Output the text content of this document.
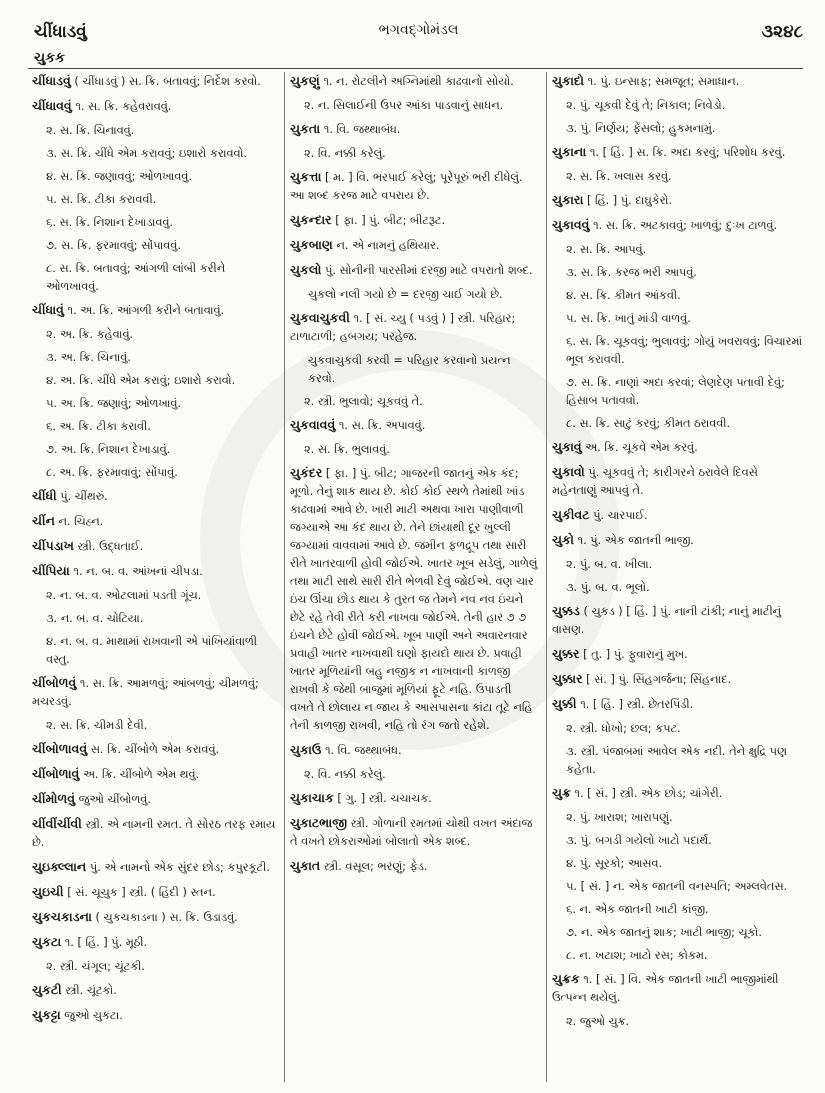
ચીંધાડવું	ભગવદ્ગોમંડલ	૩૨૪૮
ચુકક
ચીંધાડવું ( ચીંધાડવું ) સ. ક્રિ. બતાવવું; નિર્દેશ કરવો.
ચીંધાવવું ૧. સ. ક્રિ. કહેવરાવવું.
૨. સ. ક્રિ. ચિનાવવું.
૩. સ. ક્રિ. ચીંધે એમ કરાવવું; ઇશારો કરાવવો.
૪. સ. ક્રિ. જણાવવું; ઓળખાવવું.
૫. સ. ક્રિ. ટીકા કરાવવી.
૬. સ. ક્રિ. નિશાન દેખાડાવવું.
૭. સ. ક્રિ. ફરમાવવું; સોંપાવવું.
૮. સ. ક્રિ. બતાવવું; આંગળી લાંબી કરીને ઓળખાવવું.
ચીંધાવું ૧. અ. ક્રિ. આંગળી કરીને બતાવાવું.
૨. અ. ક્રિ. કહેવાવું.
૩. અ. ક્રિ. ચિનાવું.
૪. અ. ક્રિ. ચીંધે એમ કરાવું; ઇશારો કરાવો.
૫. અ. ક્રિ. જણાવું; ઓળખાવું.
૬. અ. ક્રિ. ટીકા કરાવી.
૭. અ. ક્રિ. નિશાન દેખાડાવું.
૮. અ. ક્રિ. ફરમાવાવું; સોંપાવું.
ચીંધી પું. ચીંથરું.
ચીંન ન. ચિહ્ન.
ચીંપડાખ સ્ત્રી. ઉદ્ધતાઈ.
ચીંપિયા ૧. ન. બ. વ. આંખનાં ચીપડા.
૨. ન. બ. વ. ઓટલામાં પડતી ગૂંચ.
૩. ન. બ. વ. ચોટિયા.
૪. ન. બ. વ. માથામાં રાખવાની એ પાંખિયાંવાળી વસ્તુ.
ચીંબોળવું ૧. સ. ક્રિ. આમળવું; આંબળવું; ચીમળવું; મચરડવું.
૨. સ. ક્રિ. ચીમડી દેવી.
ચીંબોળાવવું સ. ક્રિ. ચીંબોળે એમ કરાવવું.
ચીંબોળાવું અ. ક્રિ. ચીંબોળે એમ થવું.
ચીંમોળવું જુઓ ચીંબોળવું.
ચીંવીંચીંવી સ્ત્રી. એ નામની રમત. તે સોરઠ તરફ રમાય છે.
ચુઇક્લ્લાન પું. એ નામનો એક સુંદર છોડ; કપુરકૂટી.
ચુઇચી [ સં. ચૂચુક ] સ્ત્રી. ( હિંદી ) સ્તન.
ચુકચકાડના ( ચુકચકાડના ) સ. ક્રિ. ઉડાડવું.
ચુકટા ૧. [ હિં. ] પું. મૂઠી.
૨. સ્ત્રી. ચંગૂલ; ચૂંટકી.
ચુકટી સ્ત્રી. ચૂંટકો.
ચુકટ્ટા જુઓ ચુકટા.
ચુકણું ૧. ન. રોટલીને અગ્નિમાંથી કાઢવાનો સોયો.
૨. ન. સિલાઈની ઉપર આંકા પાડવાનું સાધન.
ચુકતા ૧. વિ. જથ્થાબંધ.
૨. વિ. નક્કી કરેલું.
ચુકત્તા [ મ. ] વિ. ભરપાઈ કરેલું; પૂરેપૂરું ભરી દીધેલું. આ શબ્દ કરજ માટે વપરાય છે.
ચુકન્દાર [ ફા. ] પું. બીટ; બીટરૂટ.
ચુકબાણ ન. એ નામનું હથિયાર.
ચુકલો પું. સોનીની પારસીમાં દરજી માટે વપરાતો શબ્દ.
ચુકલો નલી ગયો છે = દરજી ચાઈ ગયો છે.
ચુકવાચુકવી ૧. [ સં. ચ્યુ ( પડવું ) ] સ્ત્રી. પરિહાર; ટાળાટાળી; હબગય; પરહેજ.
ચુકવાચુકવી કરવી = પરિહાર કરવાનો પ્રયત્ન કરવો.
૨. સ્ત્રી. ભુલાવો; ચૂકવવું તે.
ચુકવાવવું ૧. સ. ક્રિ. અપાવવું.
૨. સ. ક્રિ. ભુલાવવું.
ચુકંદર [ ફા. ] પું. બીટ; ગાજરની જાતનું એક કંદ; મૂળો. તેનું શાક થાય છે. કોઈ કોઈ સ્થળે તેમાંથી ખાંડ કાઢવામાં આવે છે. ખારી માટી અથવા ખારા પાણીવાળી જગ્યાએ આ કંદ થાય છે. તેને છાંયાથી દૂર ખુલ્લી જગ્યામાં વાવવામાં આવે છે. જમીન ફળદ્રૂપ તથા સારી રીતે ખાતરવાળી હોવી જોઈએ. ખાતર ખૂબ સડેલું, ગાળેલું તથા માટી સાથે સારી રીતે ભેળવી દેવું જોઈએ. વણ ચાર ઇંચ ઊંચા છોડ થાય કે તુરત જ તેમને નવ નવ ઇંચને છેટે રહે તેવી રીતે કરી નાખવા જોઈએ. તેની હાર ૭ ૭ ઇંચને છેટે હોવી જોઈએ. ખૂબ પાણી અને અવારનવાર પ્રવાહી ખાતર નાખવાથી ઘણો ફાયદો થાય છે. પ્રવાહી ખાતર મૂળિયાંની બહુ નજીક ન નાખવાની કાળજી રાખવી કે જેથી બાજુમાં મૂળિયાં ફૂટે નહિ. ઉપાડતી વખતે તે છોલાય ન જાય કે આસપાસના કાંટા તૂટે નહિ તેની કાળજી રાખવી, નહિ તો રંગ જતો રહેશે.
ચુકાઉ ૧. વિ. જથ્થાબંધ.
૨. વિ. નક્કી કરેલું.
ચુકાચાક [ ગુ. ] સ્ત્રી. ચચાચક.
ચુકાટભાજી સ્ત્રી. ગોળાની રમતમાં ચોથી વખત અંદાજ તે વખતે છોકરાઓમાં બોલાતો એક શબ્દ.
ચુકાત સ્ત્રી. વસૂલ; ભરણું; ફેડ.
ચુકાદો ૧. પું. ઇન્સાફ; સમજૂત; સમાધાન.
૨. પું. ચૂકવી દેવું તે; નિકાલ; નિવેડો.
૩. પું. નિર્ણય; ફેંસલો; હુકમનામું.
ચુકાના ૧. [ હિં. ] સ. ક્રિ. અદા કરવું; પરિશોધ કરવું.
૨. સ. ક્રિ. ખલાસ કરવું.
ચુકારા [ હિં. ] પું. દાઘુકેરો.
ચુકાવવું ૧. સ. ક્રિ. અટકાવવું; ખાળવું; દુઃખ ટાળવું.
૨. સ. ક્રિ. આપવું.
૩. સ. ક્રિ. કરજ ભરી આપવું.
૪. સ. ક્રિ. કીમત આંકવી.
૫. સ. ક્રિ. ખાતું માંડી વાળવું.
૬. સ. ક્રિ. ચૂકવવું; ભુલાવવું; ગોયું ખવરાવવું; વિચારમાં ભૂલ કરાવવી.
૭. સ. ક્રિ. નાણાં અદા કરવાં; લેણદેણ પતાવી દેવું; હિસાબ પતાવવો.
૮. સ. ક્રિ. સાટું કરવું; કીમત ઠરાવવી.
ચુકાવું અ. ક્રિ. ચૂકવે એમ કરવું.
ચુકાવો પું. ચૂકવવું તે; કારીગરને ઠરાવેલે દિવસે મહેનતાણું આપવું તે.
ચુકીવટ પું. ચારપાઈ.
ચુકો ૧. પું. એક જાતની ભાજી.
૨. પું. બ. વ. ખીલા.
૩. પું. બ. વ. ભૂલો.
ચુક્કડ ( ચુકડ ) [ હિં. ] પું. નાની ટાંકી; નાનું માટીનું વાસણ.
ચુક્કર [ તુ. ] પું. ફુવારાનું મુખ.
ચુક્કાર [ સં. ] પું. સિંહગર્જના; સિંહનાદ.
ચુક્કી ૧. [ હિં. ] સ્ત્રી. છેતરપિંડી.
૨. સ્ત્રી. ધોખો; છલ; કપટ.
૩. સ્ત્રી. પંજાબમાં આવેલ એક નદી. તેને ક્ષુદ્રિ પણ કહેતા.
ચુક્ર ૧. [ સં. ] સ્ત્રી. એક છોડ; ચાંગેરી.
૨. પું. ખારાશ; ખારાપણું.
૩. પું. બગડી ગયેલો ખાટો પદાર્થ.
૪. પું. સૂરકો; આસવ.
૫. [ સં. ] ન. એક જાતની વનસ્પતિ; અમ્લવેતસ.
૬. ન. એક જાતની ખાટી કાંજી.
૭. ન. એક જાતનું શાક; ખાટી ભાજી; ચૂકો.
૮. ન. ખટાશ; ખાટો રસ; કોકમ.
ચુક્રક ૧. [ સં. ] વિ. એક જાતની ખાટી ભાજીમાંથી ઉત્પન્ન થયેલું.
૨. જુઓ ચુક્ર.
